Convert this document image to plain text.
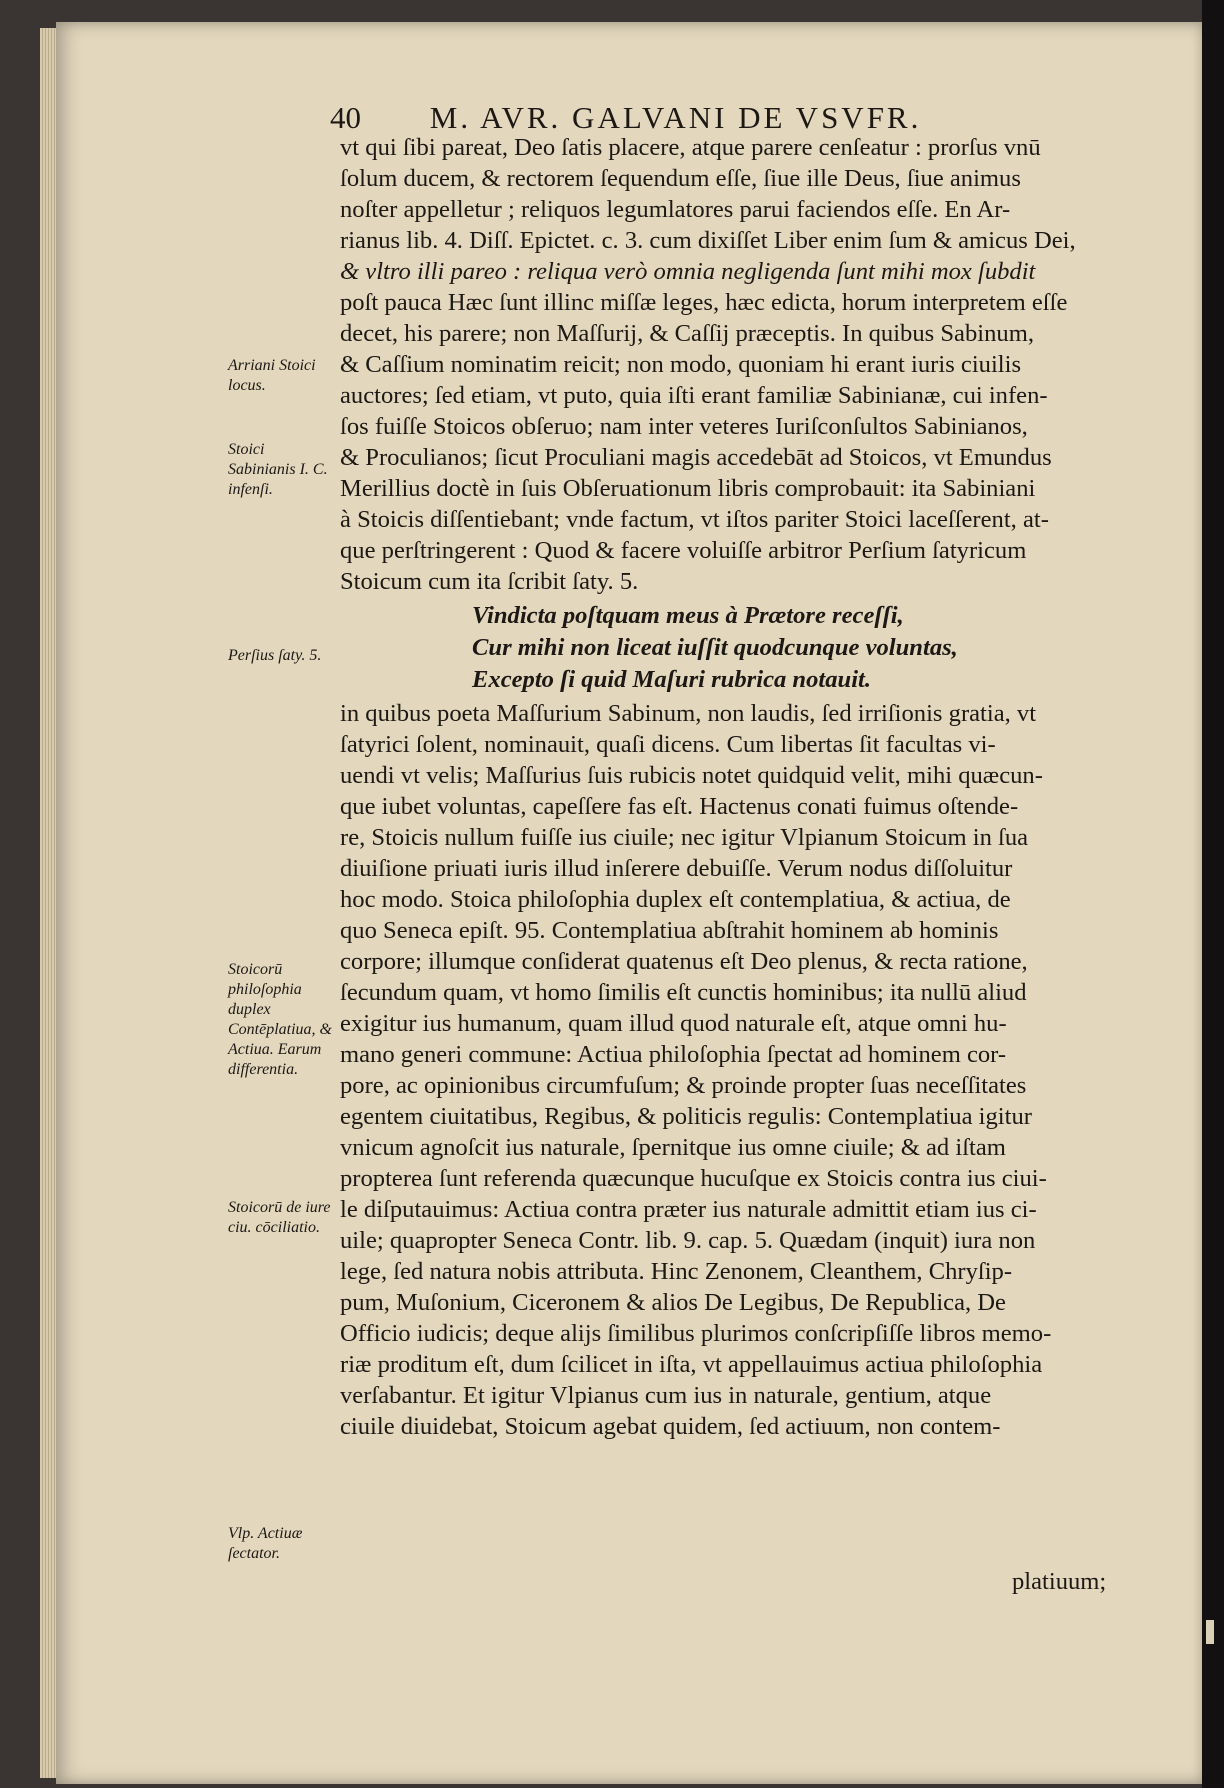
40 M. AVR. GALVANI DE VSVFR.
vt qui ſibi pareat, Deo ſatis placere, atque parere cenſeatur : prorſus vnū
ſolum ducem, & rectorem ſequendum eſſe, ſiue ille Deus, ſiue animus
noſter appelletur ; reliquos legumlatores parui faciendos eſſe. En Ar-
rianus lib. 4. Diſſ. Epictet. c. 3. cum dixiſſet Liber enim ſum & amicus Dei,
& vltro illi pareo : reliqua verò omnia negligenda ſunt mihi mox ſubdit
poſt pauca Hæc ſunt illinc miſſæ leges, hæc edicta, horum interpretem eſſe
decet, his parere; non Maſſurij, & Caſſij præceptis. In quibus Sabinum,
& Caſſium nominatim reicit; non modo, quoniam hi erant iuris ciuilis
auctores; ſed etiam, vt puto, quia iſti erant familiæ Sabinianæ, cui infen-
ſos fuiſſe Stoicos obſeruo; nam inter veteres Iuriſconſultos Sabinianos,
& Proculianos; ſicut Proculiani magis accedebāt ad Stoicos, vt Emundus
Merillius doctè in ſuis Obſeruationum libris comprobauit: ita Sabiniani
à Stoicis diſſentiebant; vnde factum, vt iſtos pariter Stoici laceſſerent, at-
que perſtringerent : Quod & facere voluiſſe arbitror Perſium ſatyricum
Stoicum cum ita ſcribit ſaty. 5.
Vindicta poſtquam meus à Prætore receſſi,
Cur mihi non liceat iuſſit quodcunque voluntas,
Excepto ſi quid Maſuri rubrica notauit.
in quibus poeta Maſſurium Sabinum, non laudis, ſed irriſionis gratia, vt
ſatyrici ſolent, nominauit, quaſi dicens. Cum libertas ſit facultas vi-
uendi vt velis; Maſſurius ſuis rubicis notet quidquid velit, mihi quæcun-
que iubet voluntas, capeſſere fas eſt. Hactenus conati fuimus oſtende-
re, Stoicis nullum fuiſſe ius ciuile; nec igitur Vlpianum Stoicum in ſua
diuiſione priuati iuris illud inſerere debuiſſe. Verum nodus diſſoluitur
hoc modo. Stoica philoſophia duplex eſt contemplatiua, & actiua, de
quo Seneca epiſt. 95. Contemplatiua abſtrahit hominem ab hominis
corpore; illumque conſiderat quatenus eſt Deo plenus, & recta ratione,
ſecundum quam, vt homo ſimilis eſt cunctis hominibus; ita nullū aliud
exigitur ius humanum, quam illud quod naturale eſt, atque omni hu-
mano generi commune: Actiua philoſophia ſpectat ad hominem cor-
pore, ac opinionibus circumfuſum; & proinde propter ſuas neceſſitates
egentem ciuitatibus, Regibus, & politicis regulis: Contemplatiua igitur
vnicum agnoſcit ius naturale, ſpernitque ius omne ciuile; & ad iſtam
propterea ſunt referenda quæcunque hucuſque ex Stoicis contra ius ciui-
le diſputauimus: Actiua contra præter ius naturale admittit etiam ius ci-
uile; quapropter Seneca Contr. lib. 9. cap. 5. Quædam (inquit) iura non
lege, ſed natura nobis attributa. Hinc Zenonem, Cleanthem, Chryſip-
pum, Muſonium, Ciceronem & alios De Legibus, De Republica, De
Officio iudicis; deque alijs ſimilibus plurimos conſcripſiſſe libros memo-
riæ proditum eſt, dum ſcilicet in iſta, vt appellauimus actiua philoſophia
verſabantur. Et igitur Vlpianus cum ius in naturale, gentium, atque
ciuile diuidebat, Stoicum agebat quidem, ſed actiuum, non contem-
platiuum;
Arriani Stoici locus.
Stoici Sabinianis I. C. infenſi.
Perſius ſaty. 5.
Stoicorū philoſophia duplex Contēplatiua, & Actiua. Earum differentia.
Stoicorū de iure ciu. cōciliatio.
Vlp. Actiuæ ſectator.
